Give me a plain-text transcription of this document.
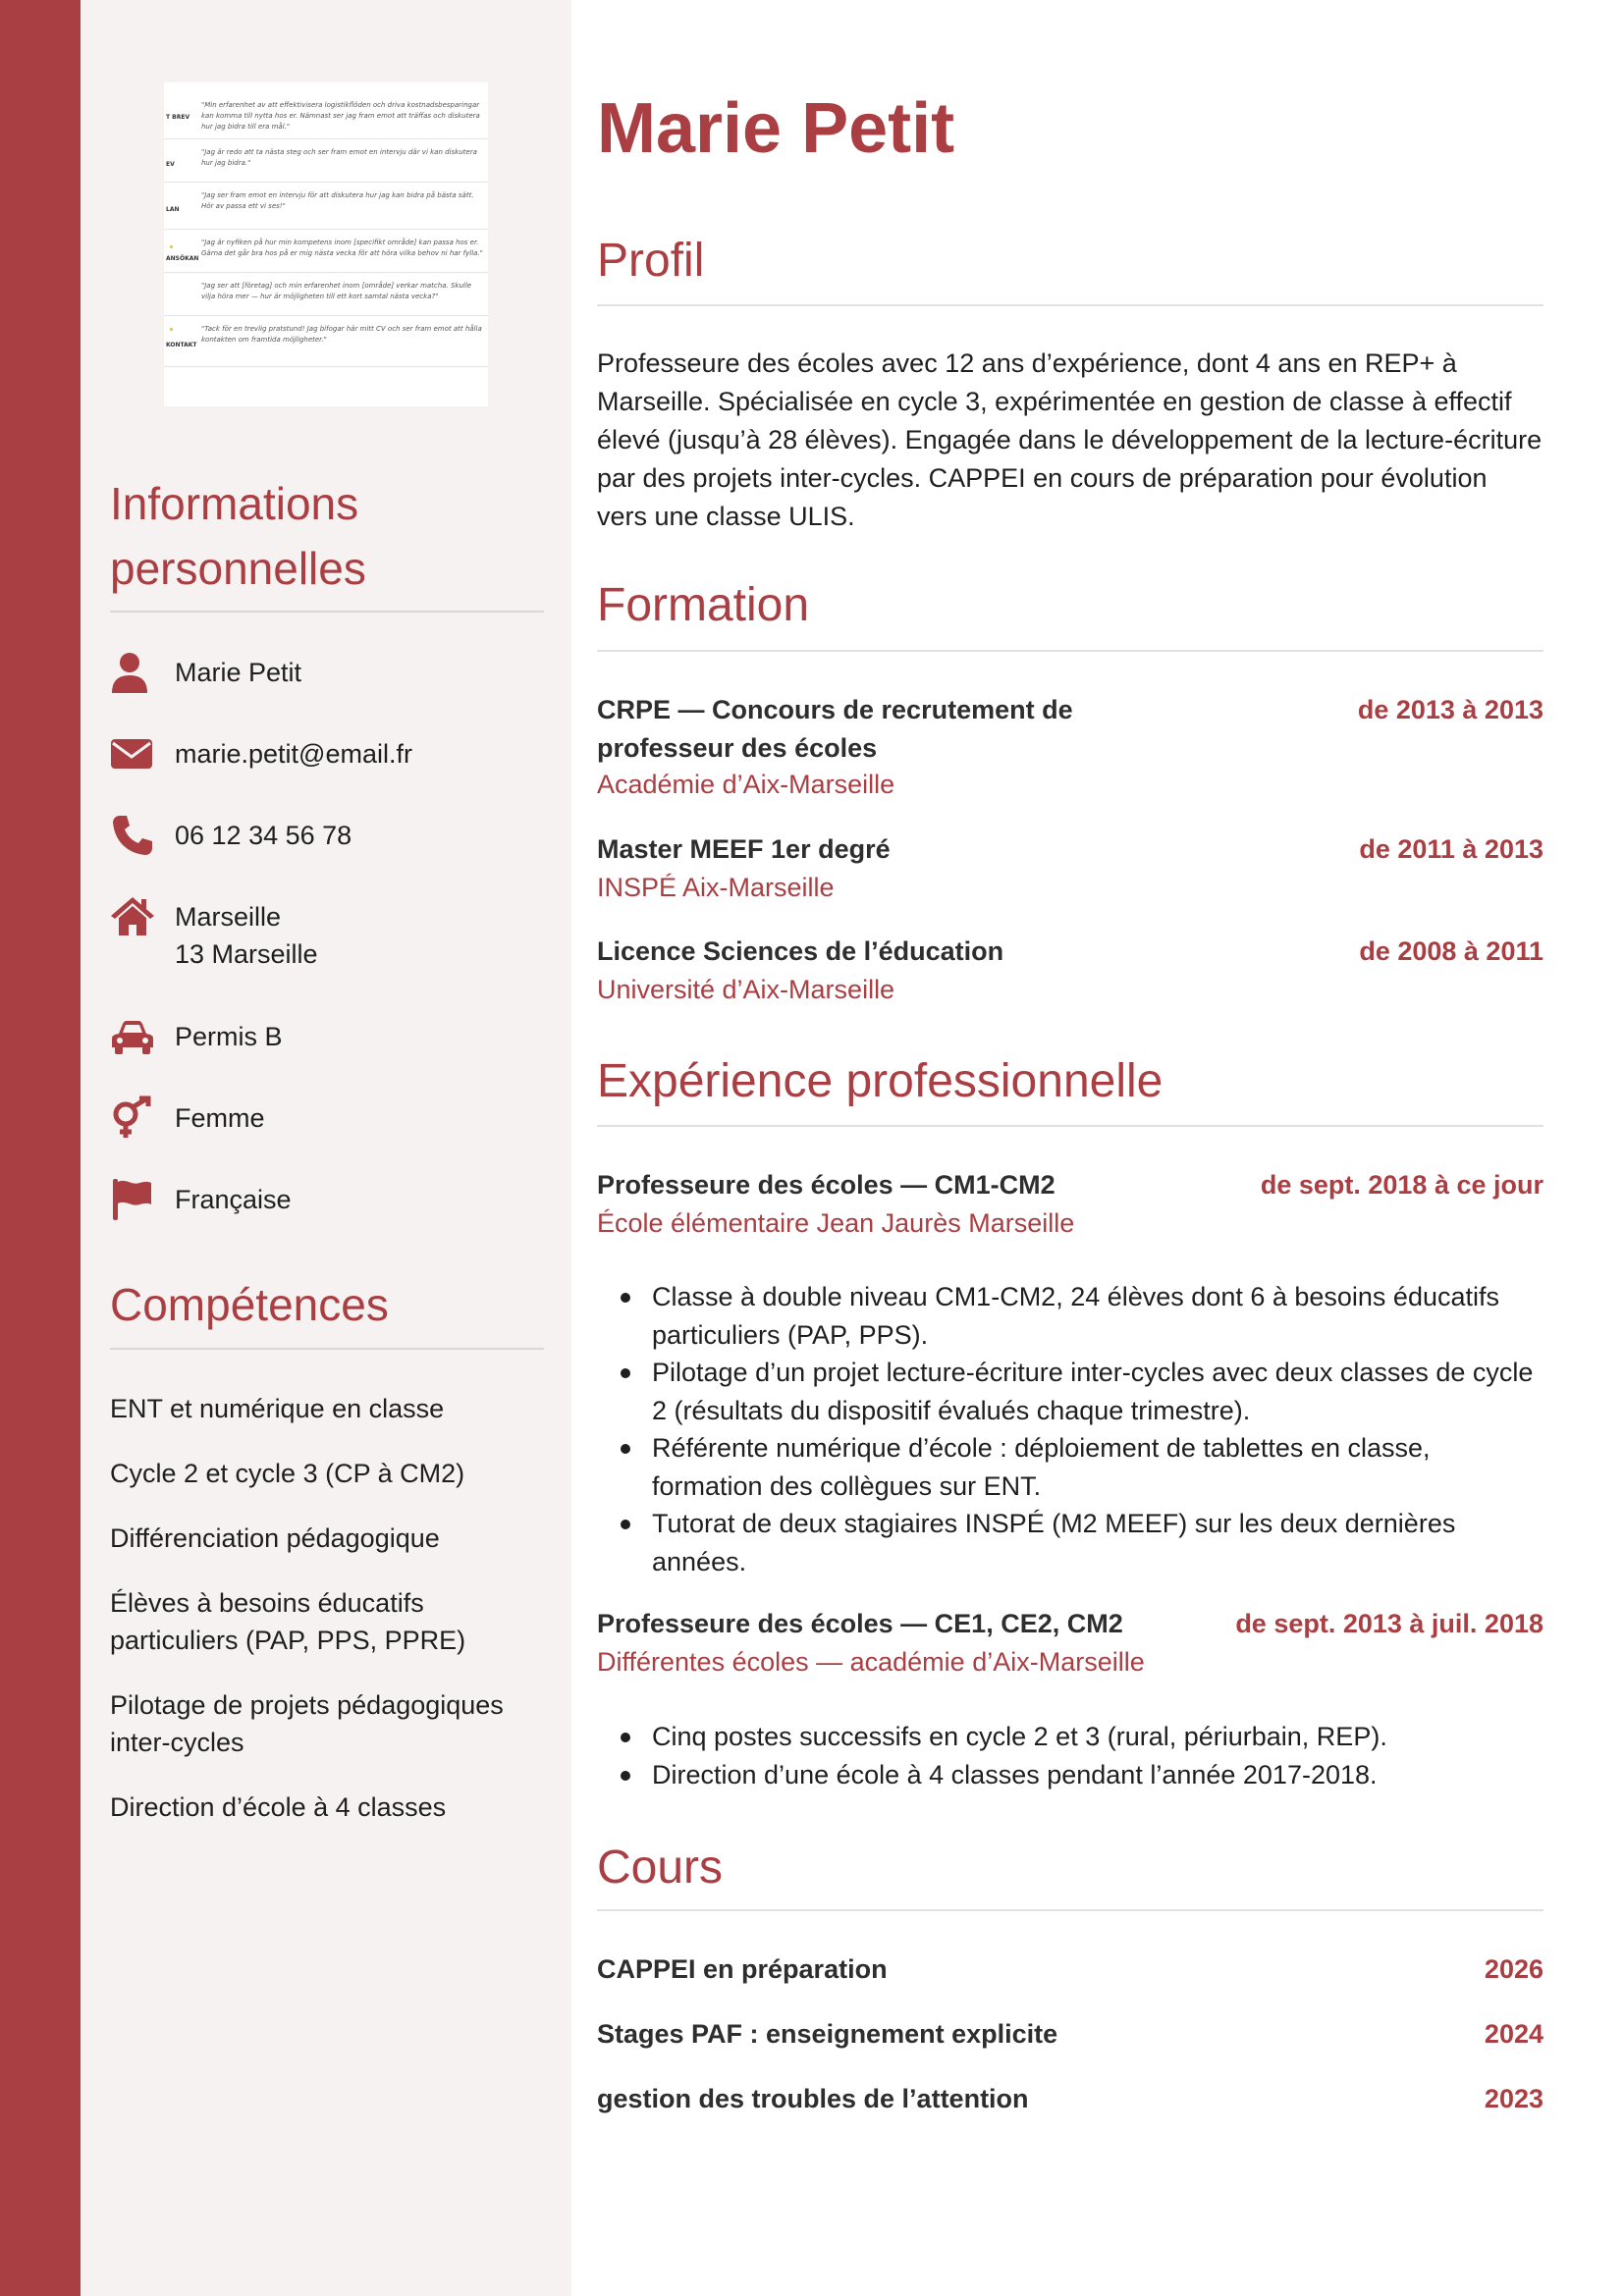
T BREV
"Min erfarenhet av att effektivisera logistikflöden och driva kostnadsbesparingar kan komma till nytta hos er. Nämnast ser jag fram emot att träffas och diskutera hur jag bidra till era mål."
EV
"Jag är redo att ta nästa steg och ser fram emot en intervju där vi kan diskutera hur jag bidra."
LAN
"Jag ser fram emot en intervju för att diskutera hur jag kan bidra på bästa sätt. Hör av passa ett vi ses!"
ANSÖKAN
"Jag är nyfiken på hur min kompetens inom [specifikt område] kan passa hos er. Gärna det går bra hos på er mig nästa vecka för att höra vilka behov ni har fylla."
"Jag ser att [företag] och min erfarenhet inom [område] verkar matcha. Skulle vilja höra mer — hur är möjligheten till ett kort samtal nästa vecka?"
KONTAKT
"Tack för en trevlig pratstund! Jag bifogar här mitt CV och ser fram emot att hålla kontakten om framtida möjligheter."
Informations personnelles
Marie Petit
marie.petit@email.fr
06 12 34 56 78
Marseille
13 Marseille
Permis B
Femme
Française
Compétences
ENT et numérique en classe
Cycle 2 et cycle 3 (CP à CM2)
Différenciation pédagogique
Élèves à besoins éducatifs particuliers (PAP, PPS, PPRE)
Pilotage de projets pédagogiques inter-cycles
Direction d’école à 4 classes
Marie Petit
Profil

Professeure des écoles avec 12 ans d’expérience, dont 4 ans en REP+ à Marseille. Spécialisée en cycle 3, expérimentée en gestion de classe à effectif élevé (jusqu’à 28 élèves). Engagée dans le développement de la lecture-écriture par des projets inter-cycles. CAPPEI en cours de préparation pour évolution vers une classe ULIS.

Formation
CRPE — Concours de recrutement de professeur des écoles
de 2013 à 2013
Académie d’Aix-Marseille
Master MEEF 1er degré	de 2011 à 2013
INSPÉ Aix-Marseille
Licence Sciences de l’éducation	de 2008 à 2011
Université d’Aix-Marseille
Expérience professionnelle
Professeure des écoles — CM1-CM2	de sept. 2018 à ce jour
École élémentaire Jean Jaurès Marseille
Classe à double niveau CM1-CM2, 24 élèves dont 6 à besoins éducatifs particuliers (PAP, PPS).
Pilotage d’un projet lecture-écriture inter-cycles avec deux classes de cycle 2 (résultats du dispositif évalués chaque trimestre).
Référente numérique d’école : déploiement de tablettes en classe, formation des collègues sur ENT.
Tutorat de deux stagiaires INSPÉ (M2 MEEF) sur les deux dernières années.
Professeure des écoles — CE1, CE2, CM2	de sept. 2013 à juil. 2018
Différentes écoles — académie d’Aix-Marseille
Cinq postes successifs en cycle 2 et 3 (rural, périurbain, REP).
Direction d’une école à 4 classes pendant l’année 2017-2018.
Cours
CAPPEI en préparation	2026
Stages PAF : enseignement explicite	2024
gestion des troubles de l’attention	2023
